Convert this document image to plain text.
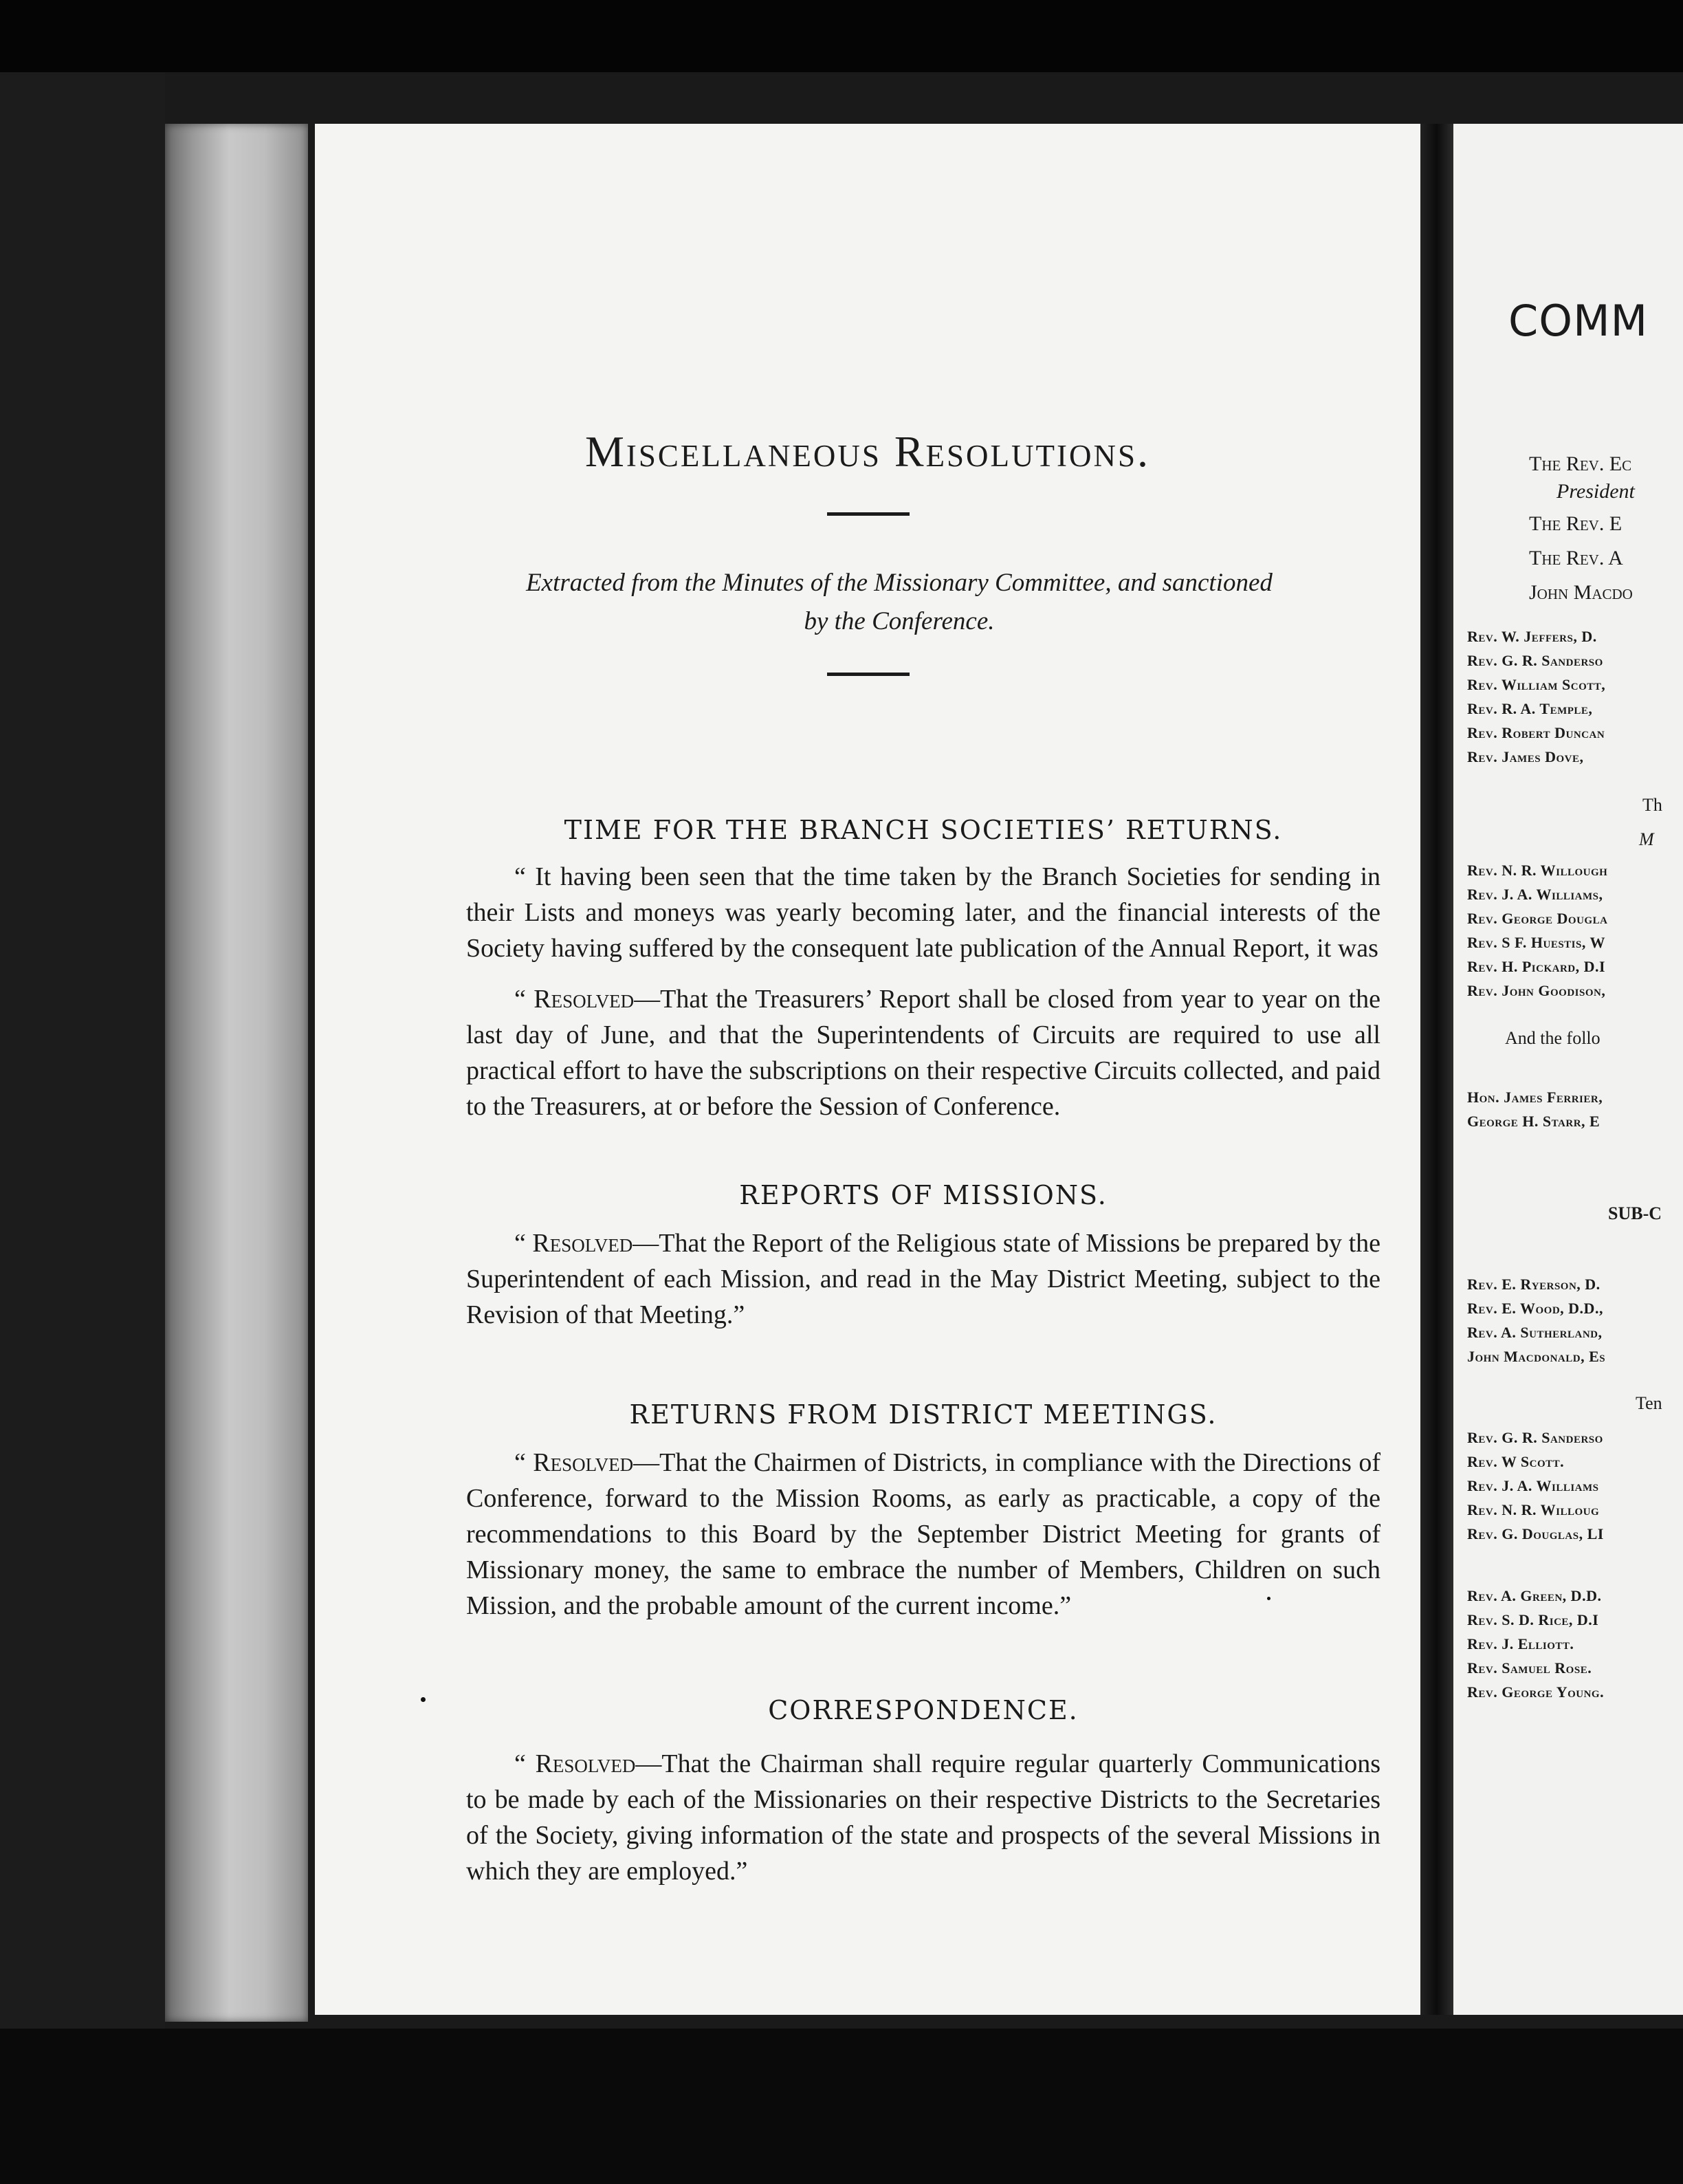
Miscellaneous Resolutions.
Extracted from the Minutes of the Missionary Committee, and sanctioned
by the Conference.
TIME FOR THE BRANCH SOCIETIES’ RETURNS.

“ It having been seen that the time taken by the Branch Societies for sending in their Lists and moneys was yearly becoming later, and the financial interests of the Society having suffered by the consequent late publication of the Annual Report, it was

“ Resolved—That the Treasurers’ Report shall be closed from year to year on the last day of June, and that the Superintendents of Circuits are required to use all practical effort to have the subscriptions on their respective Circuits collected, and paid to the Treasurers, at or before the Session of Conference.

REPORTS OF MISSIONS.

“ Resolved—That the Report of the Religious state of Missions be prepared by the Superintendent of each Mission, and read in the May District Meeting, subject to the Revision of that Meeting.”

RETURNS FROM DISTRICT MEETINGS.

“ Resolved—That the Chairmen of Districts, in compliance with the Directions of Conference, forward to the Mission Rooms, as early as practicable, a copy of the recommendations to this Board by the September District Meeting for grants of Missionary money, the same to embrace the number of Members, Children on such Mission, and the probable amount of the current income.”

CORRESPONDENCE.

“ Resolved—That the Chairman shall require regular quarterly Communications to be made by each of the Missionaries on their respective Districts to the Secretaries of the Society, giving information of the state and prospects of the several Missions in which they are employed.”

COMM
The Rev. Ec
President
The Rev. E
The Rev. A
John Macdo
Rev. W. Jeffers, D.
Rev. G. R. Sanderso
Rev. William Scott,
Rev. R. A. Temple,
Rev. Robert Duncan
Rev. James Dove,
Th
M
Rev. N. R. Willough
Rev. J. A. Williams,
Rev. George Dougla
Rev. S F. Huestis, W
Rev. H. Pickard, D.I
Rev. John Goodison,
And the follo
Hon. James Ferrier,
George H. Starr, E
SUB-C
Rev. E. Ryerson, D.
Rev. E. Wood, D.D.,
Rev. A. Sutherland,
John Macdonald, Es
Ten
Rev. G. R. Sanderso
Rev. W Scott.
Rev. J. A. Williams
Rev. N. R. Willoug
Rev. G. Douglas, LI
Rev. A. Green, D.D.
Rev. S. D. Rice, D.I
Rev. J. Elliott.
Rev. Samuel Rose.
Rev. George Young.
